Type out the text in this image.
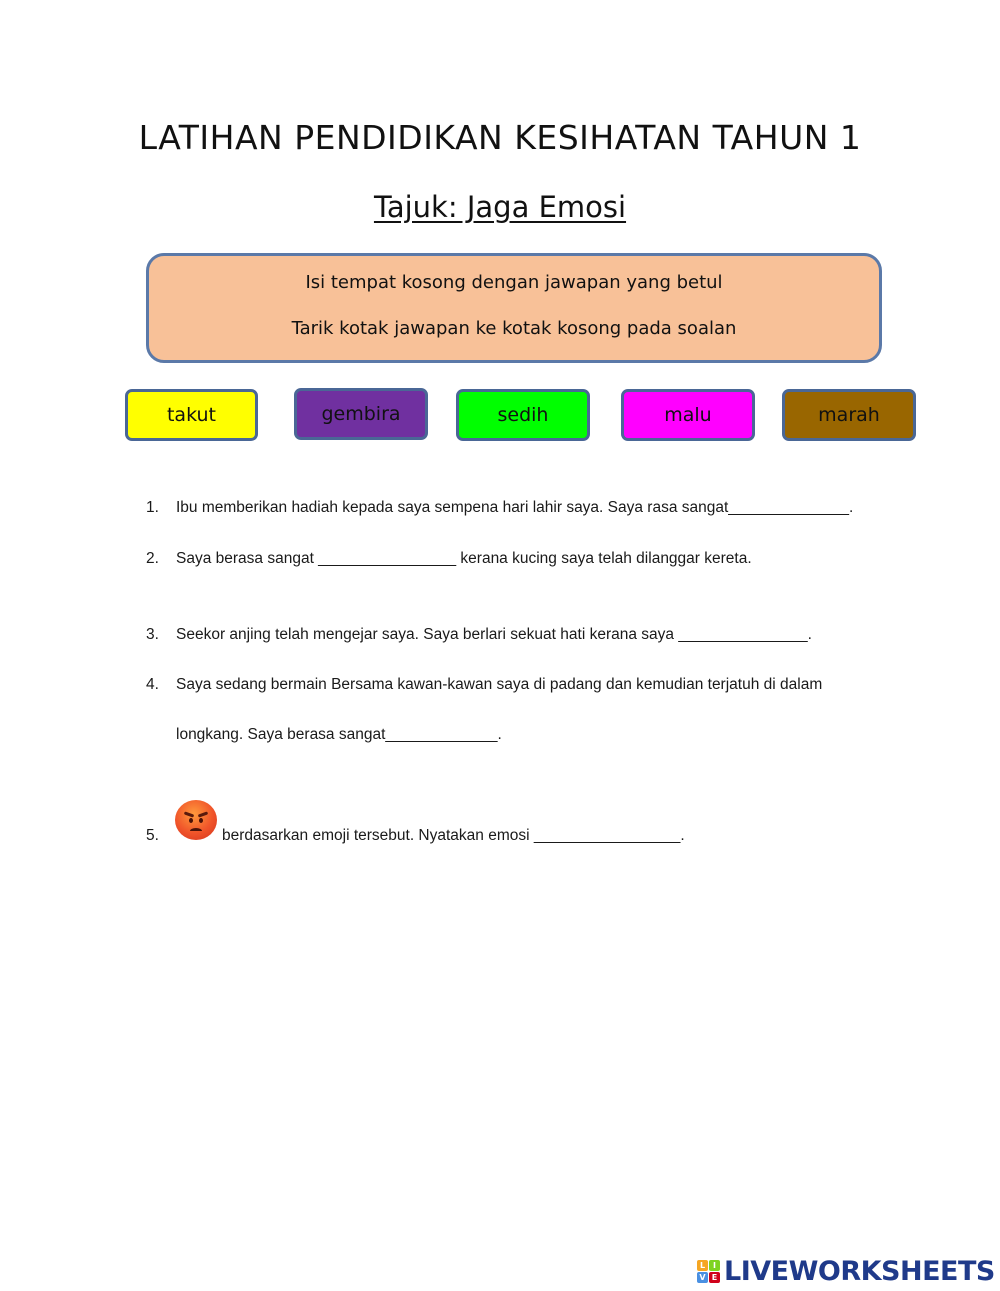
LATIHAN PENDIDIKAN KESIHATAN TAHUN 1
Tajuk: Jaga Emosi
Isi tempat kosong dengan jawapan yang betul
Tarik kotak jawapan ke kotak kosong pada soalan
takut	gembira	sedih	malu	marah
1. Ibu memberikan hadiah kepada saya sempena hari lahir saya. Saya rasa sangat______________.
2. Saya berasa sangat ________________ kerana kucing saya telah dilanggar kereta.
3. Seekor anjing telah mengejar saya. Saya berlari sekuat hati kerana saya _______________.
4. Saya sedang bermain Bersama kawan-kawan saya di padang dan kemudian terjatuh di dalam
longkang. Saya berasa sangat_____________.
5.	berdasarkan emoji tersebut. Nyatakan emosi _________________.
L I
V E LIVEWORKSHEETS
